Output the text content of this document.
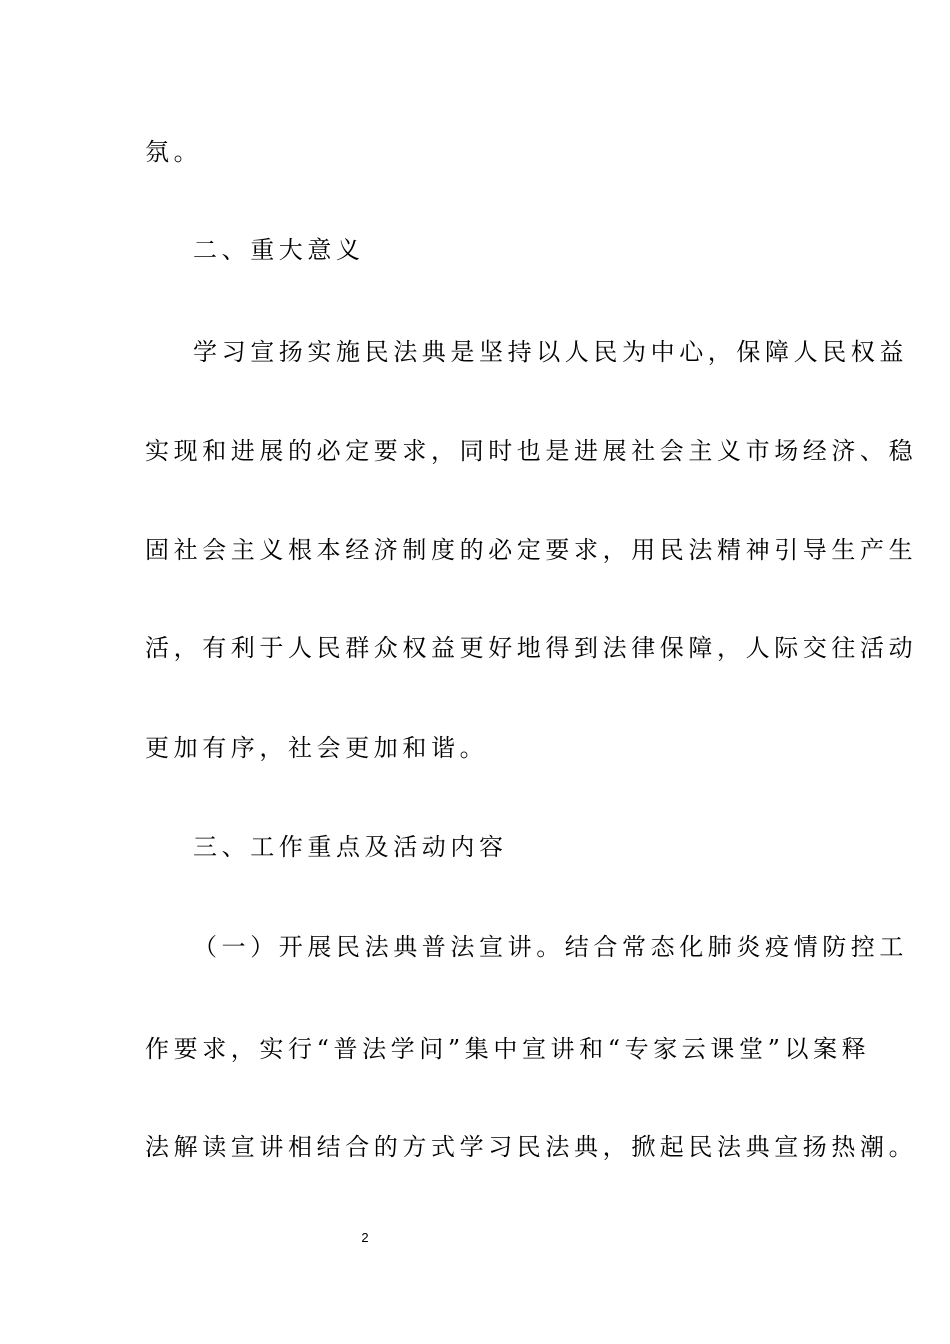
氛。
二、重大意义
学习宣扬实施民法典是坚持以人民为中心，保障人民权益
实现和进展的必定要求，同时也是进展社会主义市场经济、稳
固社会主义根本经济制度的必定要求，用民法精神引导生产生
活，有利于人民群众权益更好地得到法律保障，人际交往活动
更加有序，社会更加和谐。
三、工作重点及活动内容
（一）开展民法典普法宣讲。结合常态化肺炎疫情防控工
作要求，实行“普法学问”集中宣讲和“专家云课堂”以案释
法解读宣讲相结合的方式学习民法典，掀起民法典宣扬热潮。
2
